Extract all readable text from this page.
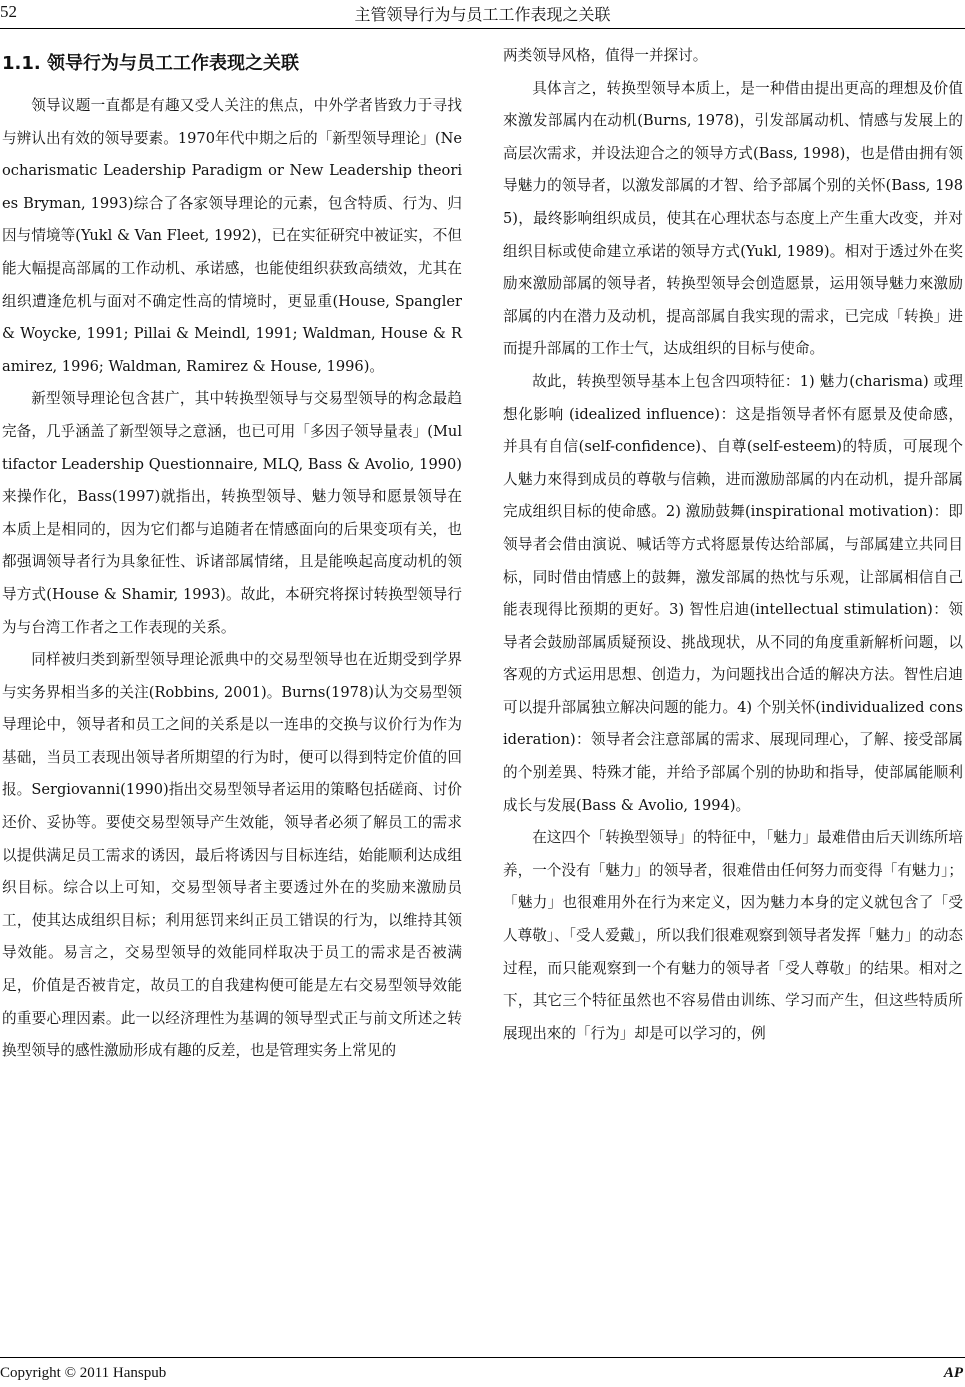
52	主管领导行为与员工工作表现之关联
1.1. 领导行为与员工工作表现之关联

领导议题一直都是有趣又受人关注的焦点，中外学者皆致力于寻找与辨认出有效的领导要素。1970年代中期之后的「新型领导理论」(Neocharismatic Leadership Paradigm or New Leadership theories Bryman, 1993)综合了各家领导理论的元素，包含特质、行为、归因与情境等(Yukl & Van Fleet, 1992)，已在实征研究中被证实，不但能大幅提高部属的工作动机、承诺感，也能使组织获致高绩效，尤其在组织遭逢危机与面对不确定性高的情境时，更显重(House, Spangler & Woycke, 1991; Pillai & Meindl, 1991; Waldman, House & Ramirez, 1996; Waldman, Ramirez & House, 1996)。

新型领导理论包含甚广，其中转换型领导与交易型领导的构念最趋完备，几乎涵盖了新型领导之意涵，也已可用「多因子领导量表」(Multifactor Leadership Questionnaire, MLQ, Bass & Avolio, 1990)来操作化，Bass(1997)就指出，转换型领导、魅力领导和愿景领导在本质上是相同的，因为它们都与追随者在情感面向的后果变项有关，也都强调领导者行为具象征性、诉诸部属情绪，且是能唤起高度动机的领导方式(House & Shamir, 1993)。故此，本研究将探讨转换型领导行为与台湾工作者之工作表现的关系。

同样被归类到新型领导理论派典中的交易型领导也在近期受到学界与实务界相当多的关注(Robbins, 2001)。Burns(1978)认为交易型领导理论中，领导者和员工之间的关系是以一连串的交换与议价行为作为基础，当员工表现出领导者所期望的行为时，便可以得到特定价值的回报。Sergiovanni(1990)指出交易型领导者运用的策略包括磋商、讨价还价、妥协等。要使交易型领导产生效能，领导者必须了解员工的需求以提供满足员工需求的诱因，最后将诱因与目标连结，始能顺利达成组织目标。综合以上可知，交易型领导者主要透过外在的奖励来激励员工，使其达成组织目标；利用惩罚来纠正员工错误的行为，以维持其领导效能。易言之，交易型领导的效能同样取决于员工的需求是否被满足，价值是否被肯定，故员工的自我建构便可能是左右交易型领导效能的重要心理因素。此一以经济理性为基调的领导型式正与前文所述之转换型领导的感性激励形成有趣的反差，也是管理实务上常见的

两类领导风格，值得一并探讨。

具体言之，转换型领导本质上，是一种借由提出更高的理想及价值來激发部属内在动机(Burns, 1978)，引发部属动机、情感与发展上的高层次需求，并设法迎合之的领导方式(Bass, 1998)，也是借由拥有领导魅力的领导者，以激发部属的才智、给予部属个别的关怀(Bass, 1985)，最终影响组织成员，使其在心理状态与态度上产生重大改变，并对组织目标或使命建立承诺的领导方式(Yukl, 1989)。相对于透过外在奖励來激励部属的领导者，转换型领导会创造愿景，运用领导魅力來激励部属的内在潜力及动机，提高部属自我实现的需求，已完成「转换」进而提升部属的工作士气，达成组织的目标与使命。

故此，转换型领导基本上包含四项特征：1) 魅力(charisma) 或理想化影响 (idealized influence)：这是指领导者怀有愿景及使命感，并具有自信(self-confidence)、自尊(self-esteem)的特质，可展现个人魅力來得到成员的尊敬与信赖，进而激励部属的内在动机，提升部属完成组织目标的使命感。2) 激励鼓舞(inspirational motivation)：即领导者会借由演说、喊话等方式将愿景传达给部属，与部属建立共同目标，同时借由情感上的鼓舞，激发部属的热忱与乐观，让部属相信自己能表现得比预期的更好。3) 智性启迪(intellectual stimulation)：领导者会鼓励部属质疑预设、挑战现状，从不同的角度重新解析问题，以客观的方式运用思想、创造力，为问题找出合适的解决方法。智性启迪可以提升部属独立解决问题的能力。4) 个别关怀(individualized consideration)：领导者会注意部属的需求、展现同理心，了解、接受部属的个别差異、特殊才能，并给予部属个别的协助和指导，使部属能顺利成长与发展(Bass & Avolio, 1994)。

在这四个「转换型领导」的特征中，「魅力」最难借由后天训练所培养，一个没有「魅力」的领导者，很难借由任何努力而变得「有魅力」；「魅力」也很难用外在行为来定义，因为魅力本身的定义就包含了「受人尊敬」、「受人爱戴」，所以我们很难观察到领导者发挥「魅力」的动态过程，而只能观察到一个有魅力的领导者「受人尊敬」的结果。相对之下，其它三个特征虽然也不容易借由训练、学习而产生，但这些特质所展现出來的「行为」却是可以学习的，例

Copyright © 2011 Hanspub	AP
